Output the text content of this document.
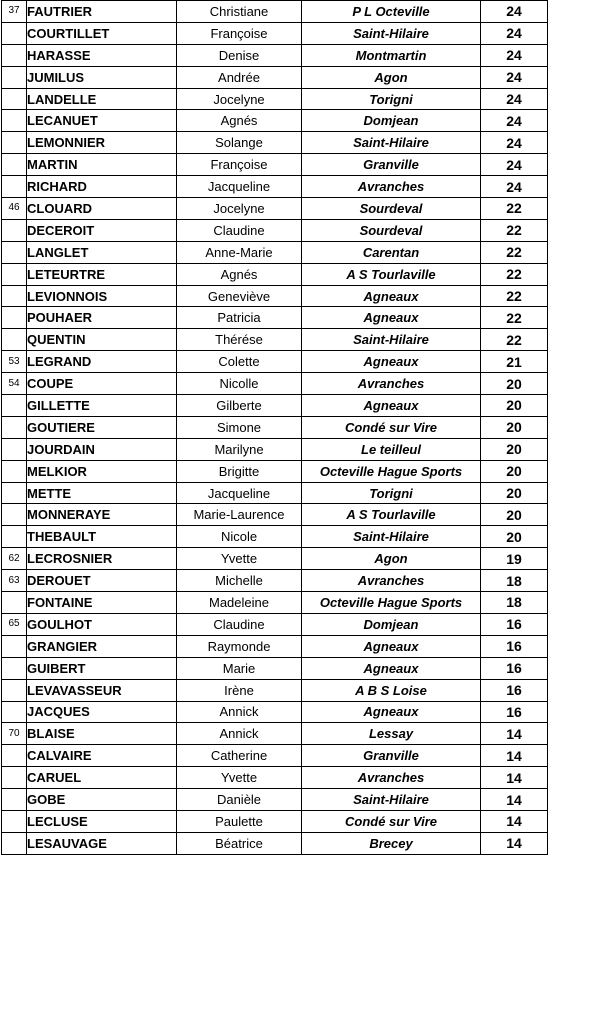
37	FAUTRIER	Christiane	P L Octeville	24
	COURTILLET	Françoise	Saint-Hilaire	24
	HARASSE	Denise	Montmartin	24
	JUMILUS	Andrée	Agon	24
	LANDELLE	Jocelyne	Torigni	24
	LECANUET	Agnés	Domjean	24
	LEMONNIER	Solange	Saint-Hilaire	24
	MARTIN	Françoise	Granville	24
	RICHARD	Jacqueline	Avranches	24
46	CLOUARD	Jocelyne	Sourdeval	22
	DECEROIT	Claudine	Sourdeval	22
	LANGLET	Anne-Marie	Carentan	22
	LETEURTRE	Agnés	A S Tourlaville	22
	LEVIONNOIS	Geneviève	Agneaux	22
	POUHAER	Patricia	Agneaux	22
	QUENTIN	Thérése	Saint-Hilaire	22
53	LEGRAND	Colette	Agneaux	21
54	COUPE	Nicolle	Avranches	20
	GILLETTE	Gilberte	Agneaux	20
	GOUTIERE	Simone	Condé sur Vire	20
	JOURDAIN	Marilyne	Le teilleul	20
	MELKIOR	Brigitte	Octeville Hague Sports	20
	METTE	Jacqueline	Torigni	20
	MONNERAYE	Marie-Laurence	A S Tourlaville	20
	THEBAULT	Nicole	Saint-Hilaire	20
62	LECROSNIER	Yvette	Agon	19
63	DEROUET	Michelle	Avranches	18
	FONTAINE	Madeleine	Octeville Hague Sports	18
65	GOULHOT	Claudine	Domjean	16
	GRANGIER	Raymonde	Agneaux	16
	GUIBERT	Marie	Agneaux	16
	LEVAVASSEUR	Irène	A B S Loise	16
	JACQUES	Annick	Agneaux	16
70	BLAISE	Annick	Lessay	14
	CALVAIRE	Catherine	Granville	14
	CARUEL	Yvette	Avranches	14
	GOBE	Danièle	Saint-Hilaire	14
	LECLUSE	Paulette	Condé sur Vire	14
	LESAUVAGE	Béatrice	Brecey	14
